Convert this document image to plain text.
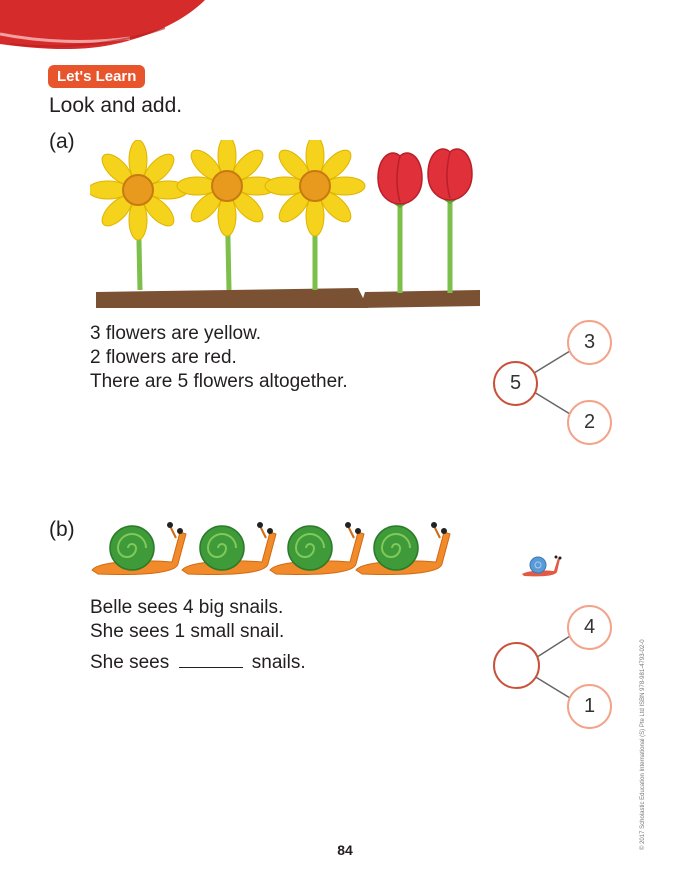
Let's Learn
Look and add.
(a)
3 flowers are yellow.
2 flowers are red.
There are 5 flowers altogether.	5
3
2
(b)
Belle sees 4 big snails.
She sees 1 small snail.
She sees	snails.
4
1	© 2017 Scholastic Education International (S) Pte Ltd ISBN 978-981-4793-02-0
84
